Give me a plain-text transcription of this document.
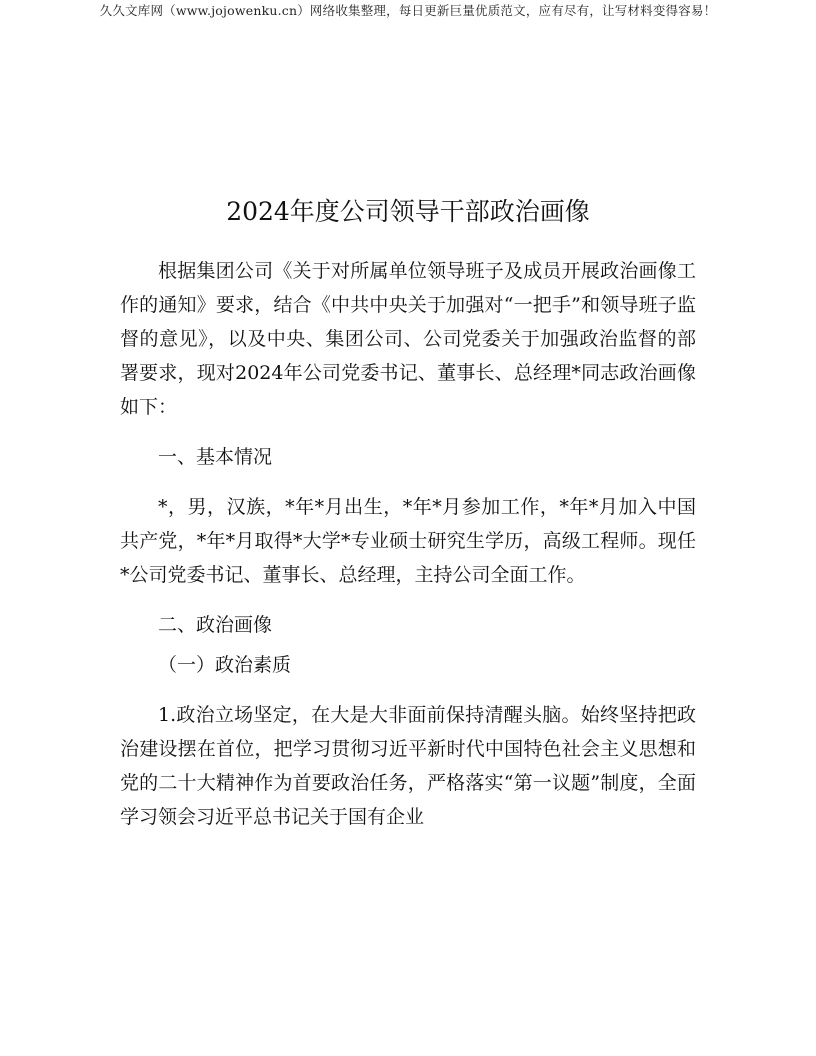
久久文库网（www.jojowenku.cn）网络收集整理，每日更新巨量优质范文，应有尽有，让写材料变得容易！
2024年度公司领导干部政治画像

根据集团公司《关于对所属单位领导班子及成员开展政治画像工作的通知》要求，结合《中共中央关于加强对“一把手”和领导班子监督的意见》，以及中央、集团公司、公司党委关于加强政治监督的部署要求，现对2024年公司党委书记、董事长、总经理*同志政治画像如下：

一、基本情况

*，男，汉族，*年*月出生，*年*月参加工作，*年*月加入中国共产党，*年*月取得*大学*专业硕士研究生学历，高级工程师。现任*公司党委书记、董事长、总经理，主持公司全面工作。

二、政治画像

（一）政治素质

1.政治立场坚定，在大是大非面前保持清醒头脑。始终坚持把政治建设摆在首位，把学习贯彻习近平新时代中国特色社会主义思想和党的二十大精神作为首要政治任务，严格落实“第一议题”制度，全面学习领会习近平总书记关于国有企业
